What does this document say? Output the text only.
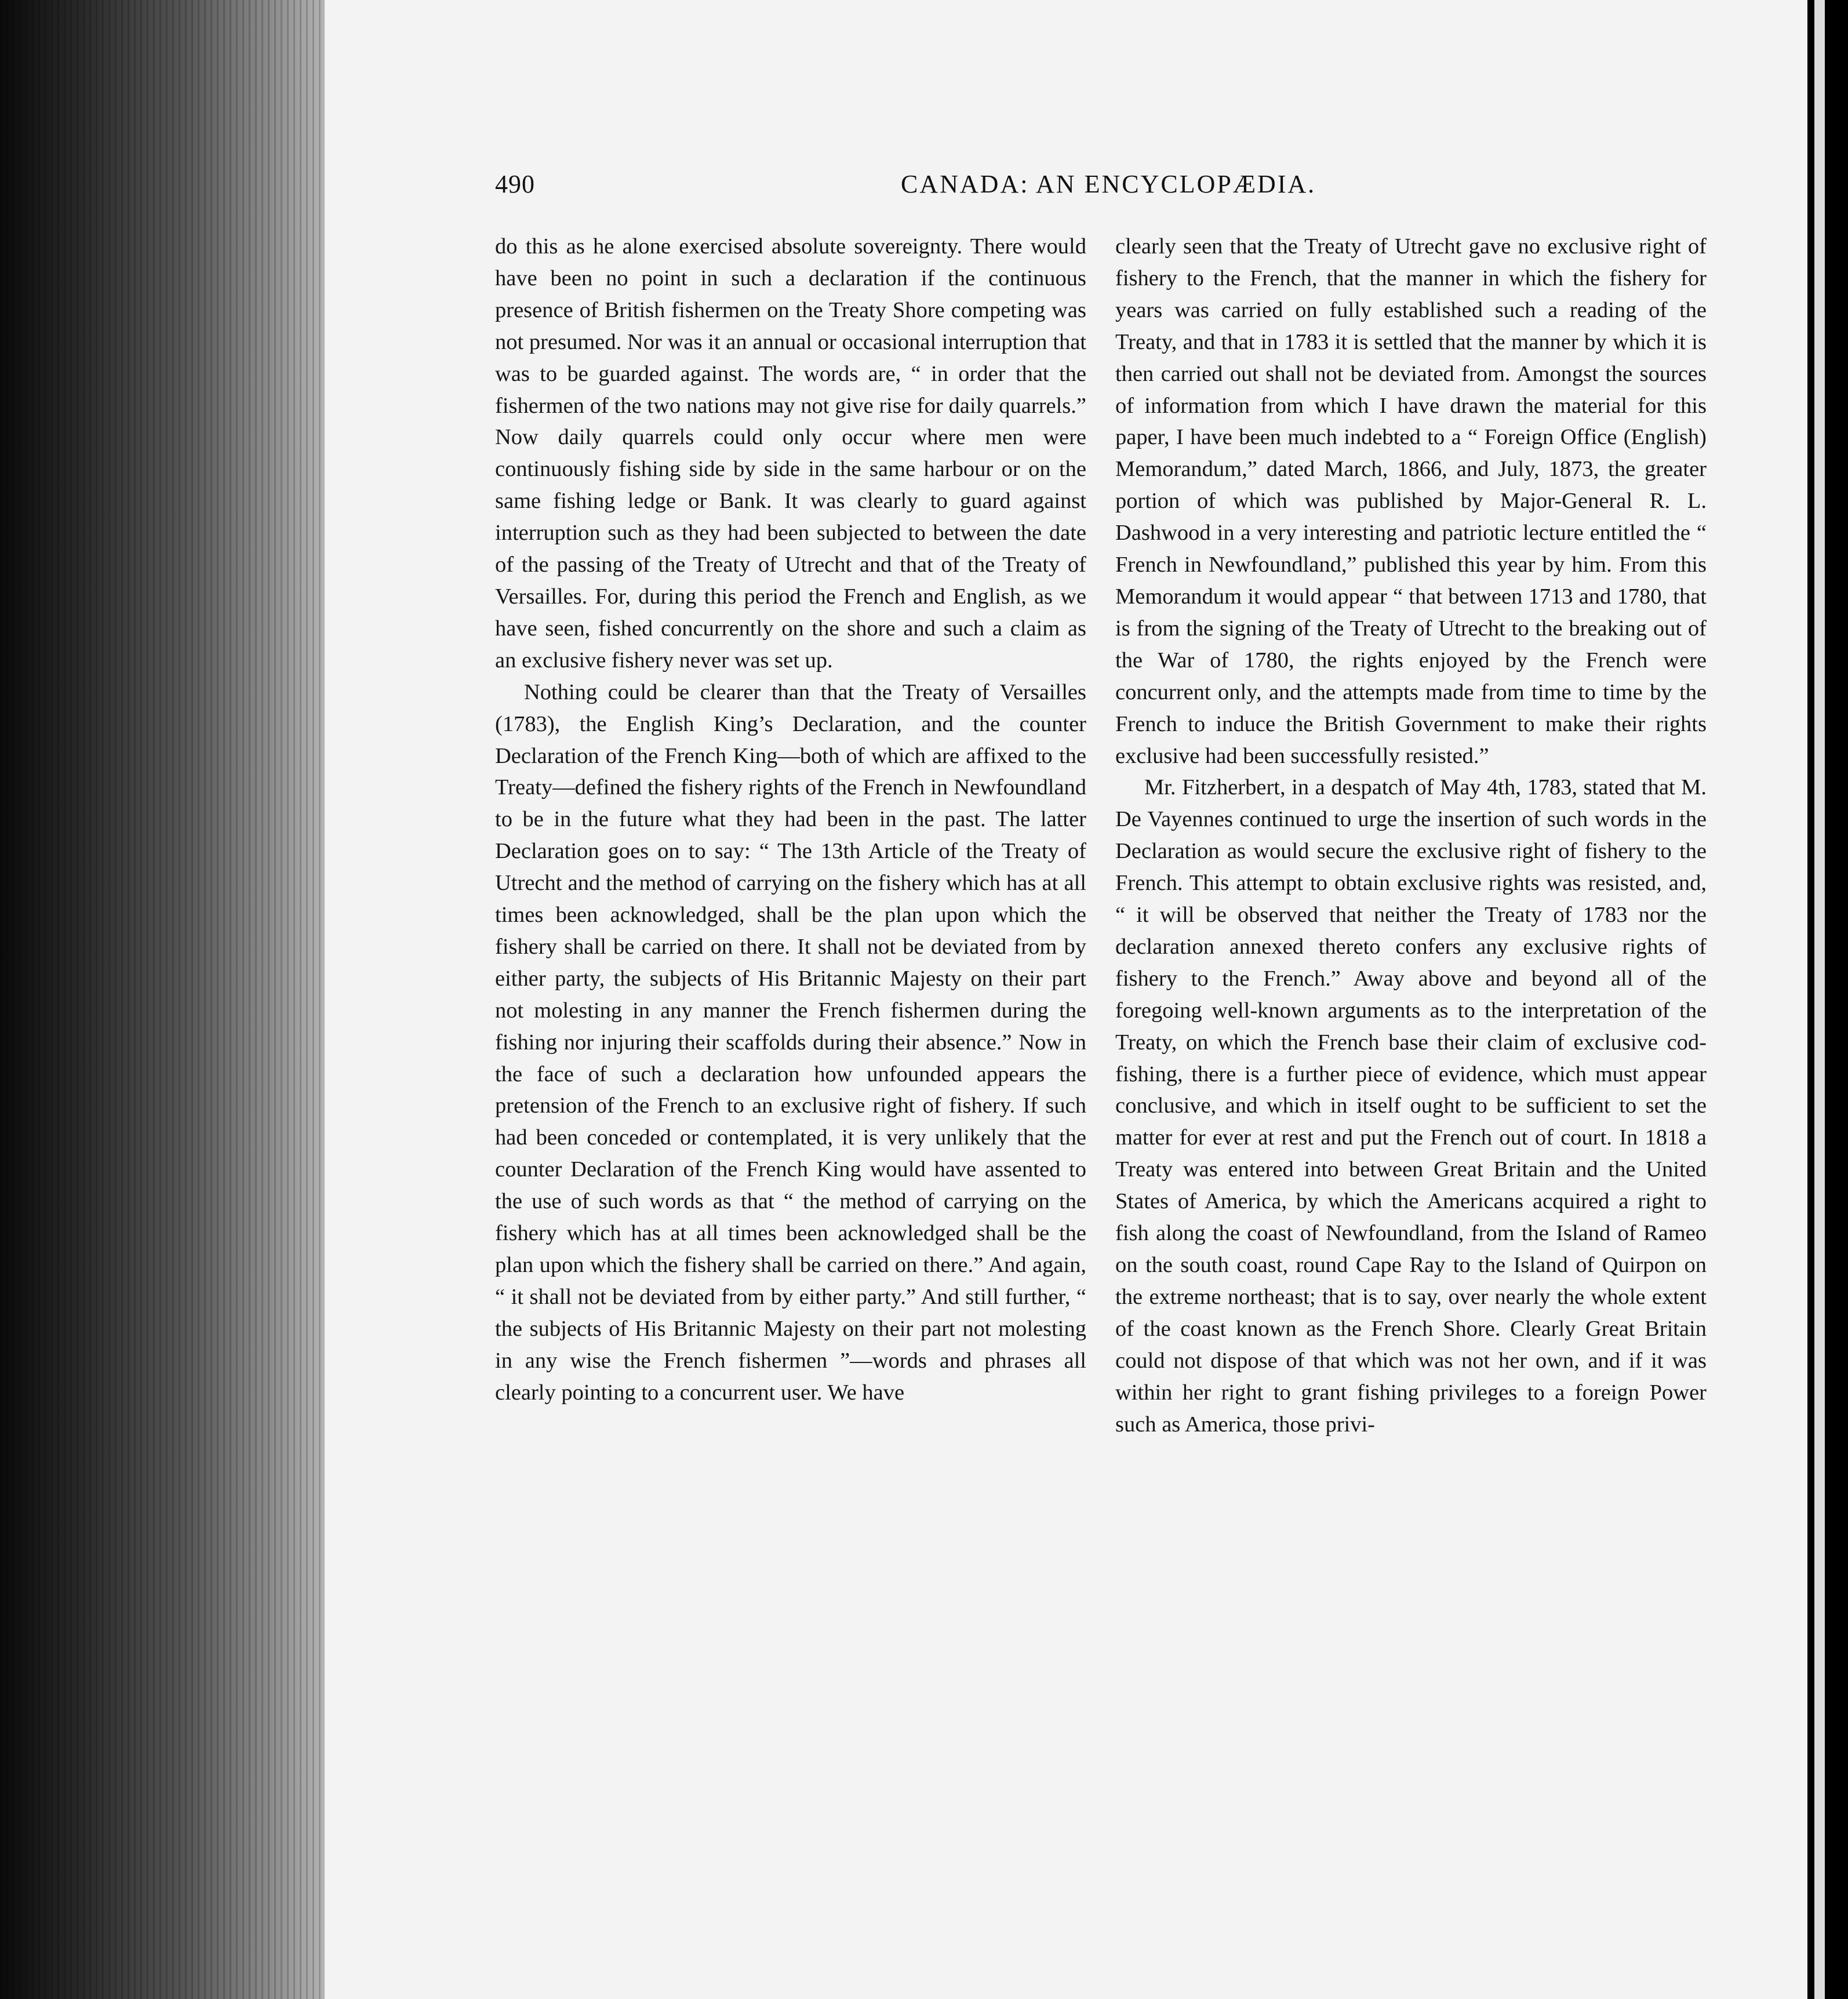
490	CANADA: AN ENCYCLOPÆDIA.

do this as he alone exercised absolute sovereignty. There would have been no point in such a declaration if the continuous presence of British fishermen on the Treaty Shore competing was not presumed. Nor was it an annual or occasional interruption that was to be guarded against. The words are, “ in order that the fishermen of the two nations may not give rise for daily quarrels.” Now daily quarrels could only occur where men were continuously fishing side by side in the same harbour or on the same fishing ledge or Bank. It was clearly to guard against interruption such as they had been subjected to between the date of the passing of the Treaty of Utrecht and that of the Treaty of Versailles. For, during this period the French and English, as we have seen, fished concurrently on the shore and such a claim as an exclusive fishery never was set up.

Nothing could be clearer than that the Treaty of Versailles (1783), the English King’s Declaration, and the counter Declaration of the French King—both of which are affixed to the Treaty—defined the fishery rights of the French in Newfoundland to be in the future what they had been in the past. The latter Declaration goes on to say: “ The 13th Article of the Treaty of Utrecht and the method of carrying on the fishery which has at all times been acknowledged, shall be the plan upon which the fishery shall be carried on there. It shall not be deviated from by either party, the subjects of His Britannic Majesty on their part not molesting in any manner the French fishermen during the fishing nor injuring their scaffolds during their absence.” Now in the face of such a declaration how unfounded appears the pretension of the French to an exclusive right of fishery. If such had been conceded or contemplated, it is very unlikely that the counter Declaration of the French King would have assented to the use of such words as that “ the method of carrying on the fishery which has at all times been acknowledged shall be the plan upon which the fishery shall be carried on there.” And again, “ it shall not be deviated from by either party.” And still further, “ the subjects of His Britannic Majesty on their part not molesting in any wise the French fishermen ”—words and phrases all clearly pointing to a concurrent user. We have

clearly seen that the Treaty of Utrecht gave no exclusive right of fishery to the French, that the manner in which the fishery for years was carried on fully established such a reading of the Treaty, and that in 1783 it is settled that the manner by which it is then carried out shall not be deviated from. Amongst the sources of information from which I have drawn the material for this paper, I have been much indebted to a “ Foreign Office (English) Memorandum,” dated March, 1866, and July, 1873, the greater portion of which was published by Major-General R. L. Dashwood in a very interesting and patriotic lecture entitled the “ French in Newfoundland,” published this year by him. From this Memorandum it would appear “ that between 1713 and 1780, that is from the signing of the Treaty of Utrecht to the breaking out of the War of 1780, the rights enjoyed by the French were concurrent only, and the attempts made from time to time by the French to induce the British Government to make their rights exclusive had been successfully resisted.”

Mr. Fitzherbert, in a despatch of May 4th, 1783, stated that M. De Vayennes continued to urge the insertion of such words in the Declaration as would secure the exclusive right of fishery to the French. This attempt to obtain exclusive rights was resisted, and, “ it will be observed that neither the Treaty of 1783 nor the declaration annexed thereto confers any exclusive rights of fishery to the French.” Away above and beyond all of the foregoing well-known arguments as to the interpretation of the Treaty, on which the French base their claim of exclusive cod-fishing, there is a further piece of evidence, which must appear conclusive, and which in itself ought to be sufficient to set the matter for ever at rest and put the French out of court. In 1818 a Treaty was entered into between Great Britain and the United States of America, by which the Americans acquired a right to fish along the coast of Newfoundland, from the Island of Rameo on the south coast, round Cape Ray to the Island of Quirpon on the extreme northeast; that is to say, over nearly the whole extent of the coast known as the French Shore. Clearly Great Britain could not dispose of that which was not her own, and if it was within her right to grant fishing privileges to a foreign Power such as America, those privi-
